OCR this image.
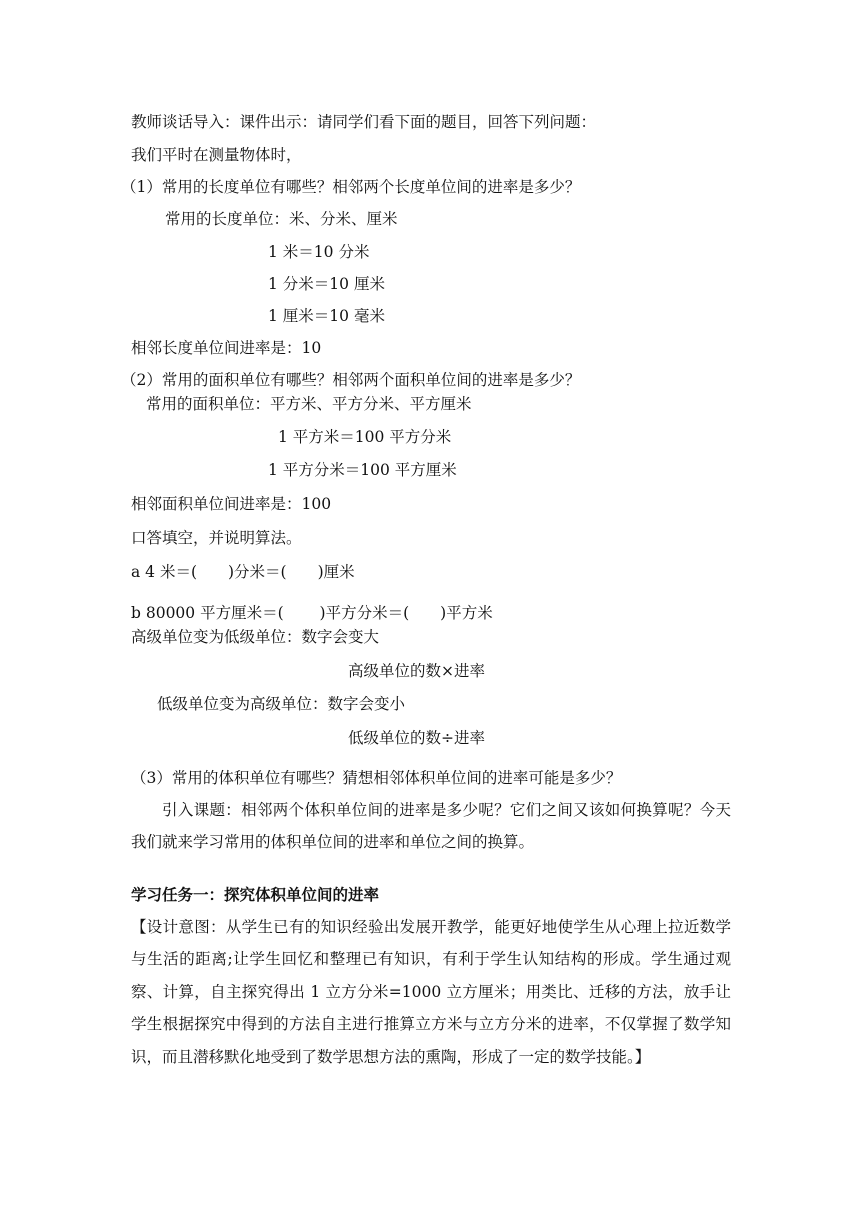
教师谈话导入：课件出示：请同学们看下面的题目，回答下列问题：
我们平时在测量物体时，
（1）常用的长度单位有哪些？相邻两个长度单位间的进率是多少？
常用的长度单位：米、分米、厘米
1 米＝10 分米
1 分米＝10 厘米
1 厘米＝10 毫米
相邻长度单位间进率是：10
（2）常用的面积单位有哪些？相邻两个面积单位间的进率是多少？
常用的面积单位：平方米、平方分米、平方厘米
1 平方米＝100 平方分米
1 平方分米＝100 平方厘米
相邻面积单位间进率是：100
口答填空，并说明算法。
a 4 米＝(　　)分米＝(　　)厘米
b 80000 平方厘米＝(　　 )平方分米＝(　　)平方米
高级单位变为低级单位：数字会变大
高级单位的数×进率
低级单位变为高级单位：数字会变小
低级单位的数÷进率
（3）常用的体积单位有哪些？猜想相邻体积单位间的进率可能是多少？
引入课题：相邻两个体积单位间的进率是多少呢？它们之间又该如何换算呢？今天我们就来学习常用的体积单位间的进率和单位之间的换算。
学习任务一：探究体积单位间的进率
【设计意图：从学生已有的知识经验出发展开教学，能更好地使学生从心理上拉近数学与生活的距离;让学生回忆和整理已有知识，有利于学生认知结构的形成。学生通过观察、计算，自主探究得出 1 立方分米=1000 立方厘米；用类比、迁移的方法，放手让学生根据探究中得到的方法自主进行推算立方米与立方分米的进率，不仅掌握了数学知识，而且潜移默化地受到了数学思想方法的熏陶，形成了一定的数学技能。】
